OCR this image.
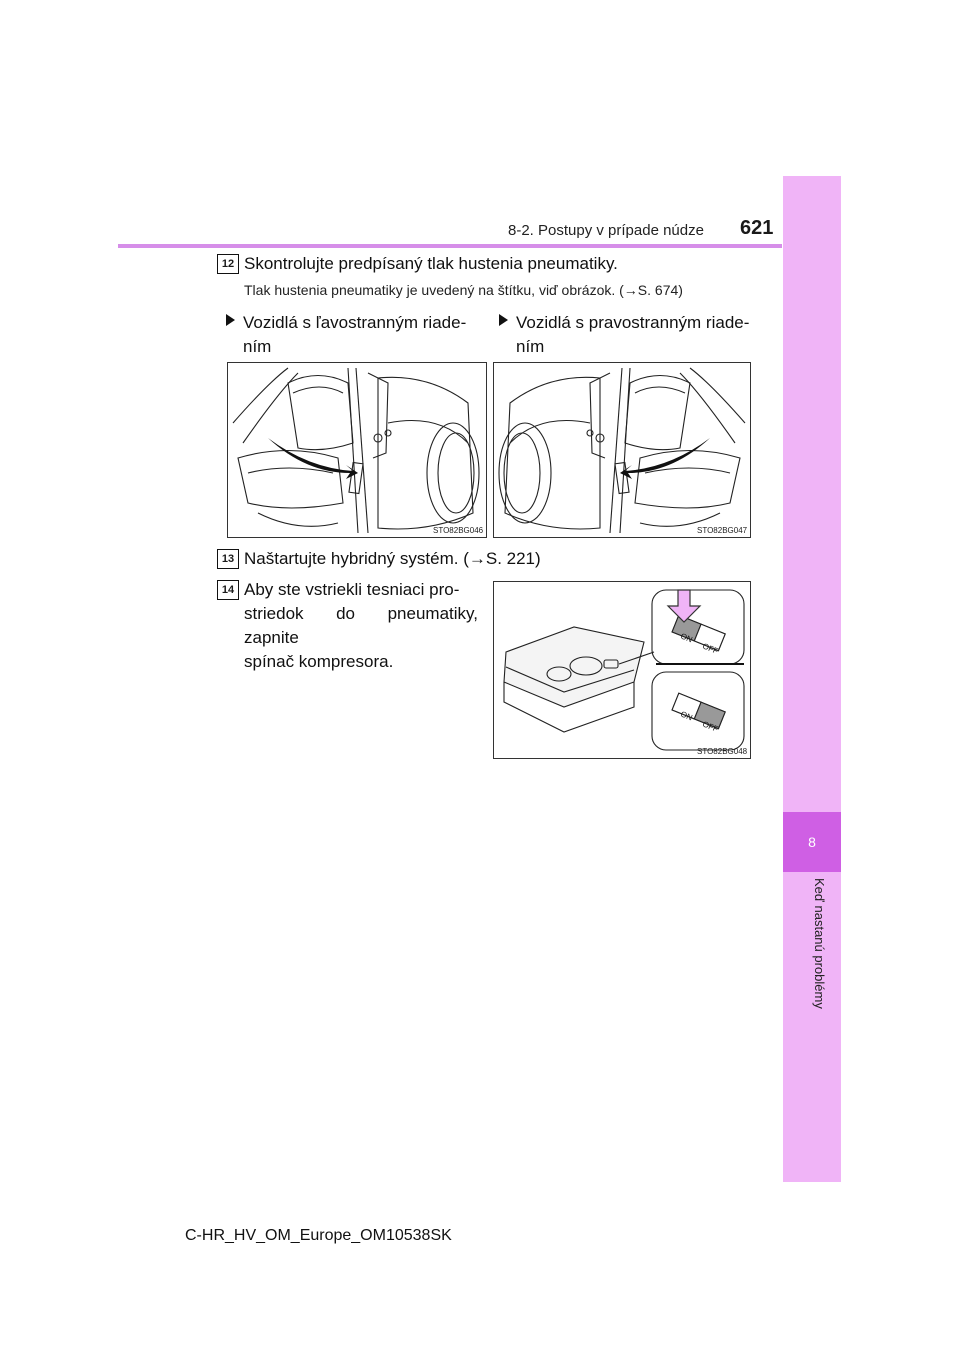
8
Keď nastanú problémy
8-2. Postupy v prípade núdze 621
12 Skontrolujte predpísaný tlak hustenia pneumatiky.
Tlak hustenia pneumatiky je uvedený na štítku, viď obrázok. (→S. 674)
Vozidlá s ľavostranným riade-
ním
Vozidlá s pravostranným riade-
ním
STO82BG046	STO82BG047
13 Naštartujte hybridný systém. (→S. 221)
14 Aby ste vstriekli tesniaci pro-
striedok do pneumatiky, zapnite
spínač kompresora.
ON
OFF
ON
OFF
STO82BG048
C-HR_HV_OM_Europe_OM10538SK
